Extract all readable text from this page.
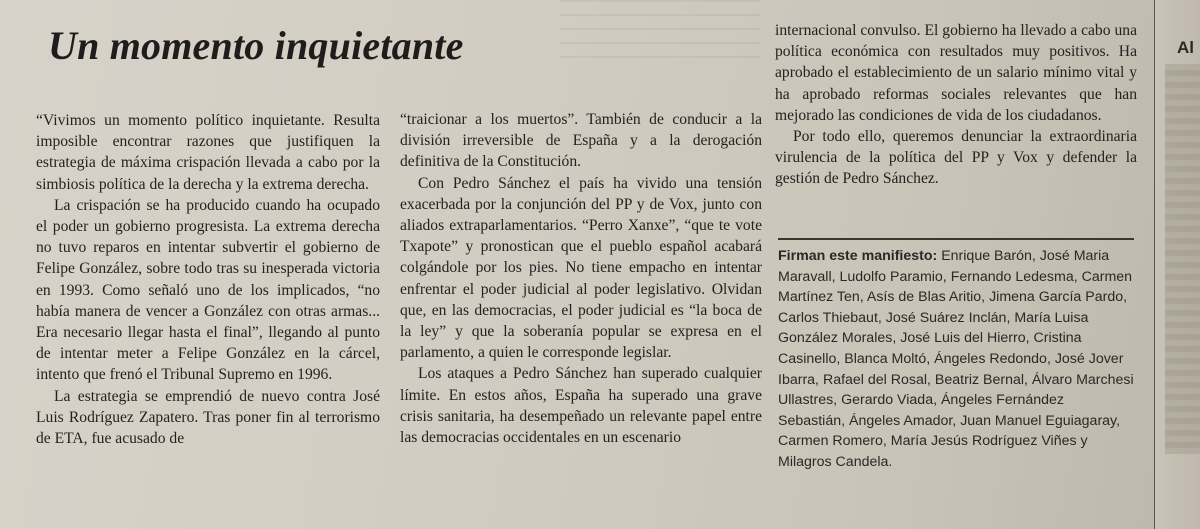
Un momento inquietante

“Vivimos un momento político inquietante. Resulta imposible encontrar razones que justifiquen la estrategia de máxima crispación llevada a cabo por la simbiosis política de la derecha y la extrema derecha.

La crispación se ha producido cuando ha ocupado el poder un gobierno progresista. La extrema derecha no tuvo reparos en intentar subvertir el gobierno de Felipe González, sobre todo tras su inesperada victoria en 1993. Como señaló uno de los implicados, “no había manera de vencer a González con otras armas... Era necesario llegar hasta el final”, llegando al punto de intentar meter a Felipe González en la cárcel, intento que frenó el Tribunal Supremo en 1996.

La estrategia se emprendió de nuevo contra José Luis Rodríguez Zapatero. Tras poner fin al terrorismo de ETA, fue acusado de

“traicionar a los muertos”. También de conducir a la división irreversible de España y a la derogación definitiva de la Constitución.

Con Pedro Sánchez el país ha vivido una tensión exacerbada por la conjunción del PP y de Vox, junto con aliados extraparlamentarios. “Perro Xanxe”, “que te vote Txapote” y pronostican que el pueblo español acabará colgándole por los pies. No tiene empacho en intentar enfrentar el poder judicial al poder legislativo. Olvidan que, en las democracias, el poder judicial es “la boca de la ley” y que la soberanía popular se expresa en el parlamento, a quien le corresponde legislar.

Los ataques a Pedro Sánchez han superado cualquier límite. En estos años, España ha superado una grave crisis sanitaria, ha desempeñado un relevante papel entre las democracias occidentales en un escenario

internacional convulso. El gobierno ha llevado a cabo una política económica con resultados muy positivos. Ha aprobado el establecimiento de un salario mínimo vital y ha aprobado reformas sociales relevantes que han mejorado las condiciones de vida de los ciudadanos.

Por todo ello, queremos denunciar la extraordinaria virulencia de la política del PP y Vox y defender la gestión de Pedro Sánchez.

Firman este manifiesto: Enrique Barón, José Maria Maravall, Ludolfo Paramio, Fernando Ledesma, Carmen Martínez Ten, Asís de Blas Aritio, Jimena García Pardo, Carlos Thiebaut, José Suárez Inclán, María Luisa González Morales, José Luis del Hierro, Cristina Casinello, Blanca Moltó, Ángeles Redondo, José Jover Ibarra, Rafael del Rosal, Beatriz Bernal, Álvaro Marchesi Ullastres, Gerardo Viada, Ángeles Fernández Sebastián, Ángeles Amador, Juan Manuel Eguiagaray, Carmen Romero, María Jesús Rodríguez Viñes y Milagros Candela.
Al
